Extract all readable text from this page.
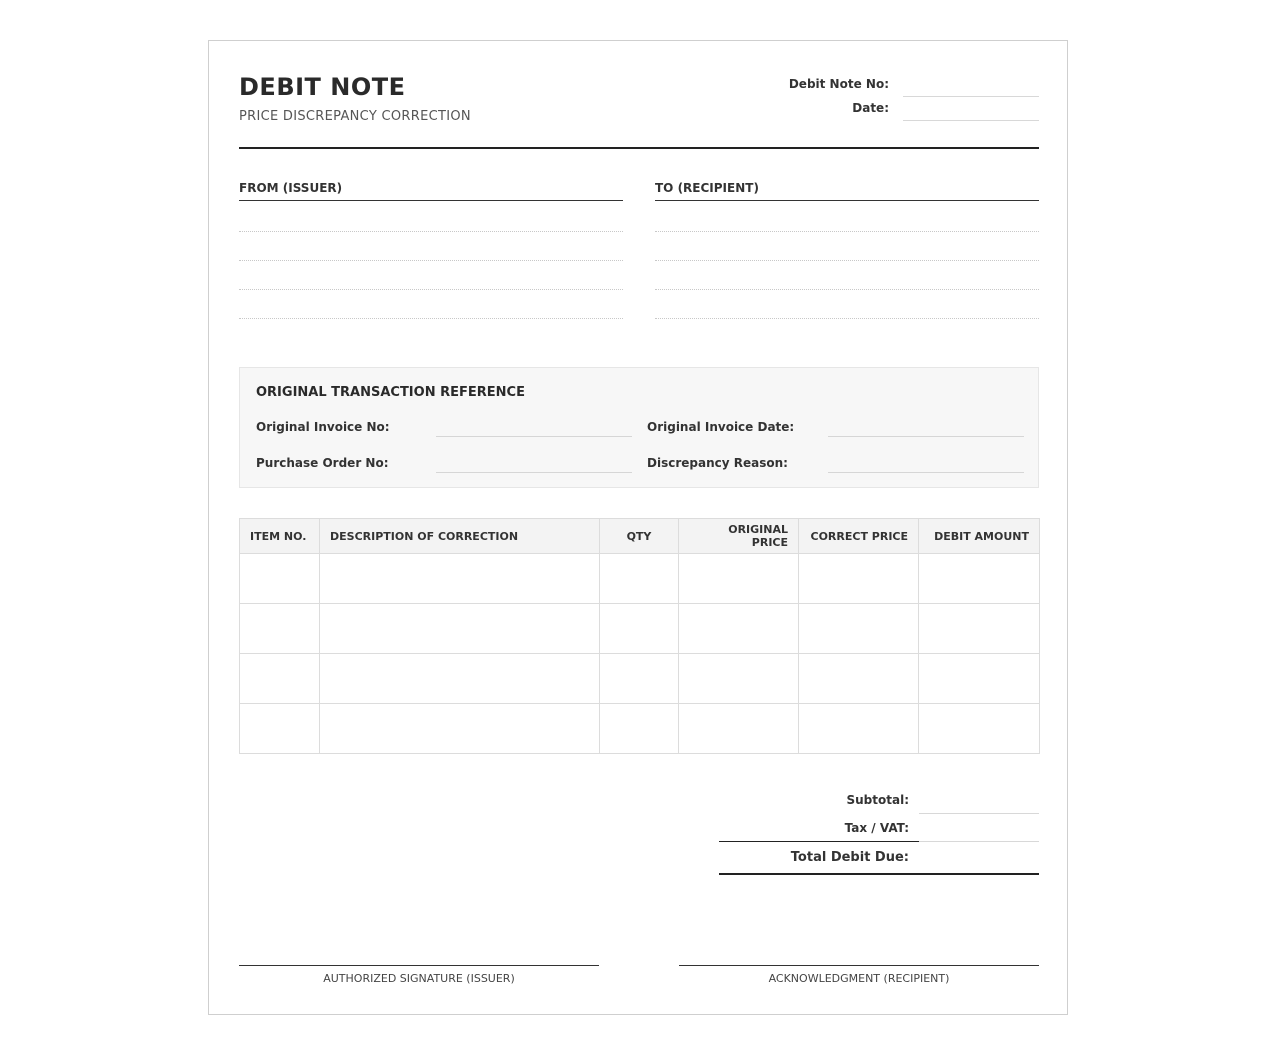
DEBIT NOTE
PRICE DISCREPANCY CORRECTION
Debit Note No:
Date:
FROM (ISSUER)	TO (RECIPIENT)
ORIGINAL TRANSACTION REFERENCE
Original Invoice No:	Original Invoice Date:
Purchase Order No:	Discrepancy Reason:
ITEM NO.	DESCRIPTION OF CORRECTION	QTY	ORIGINAL PRICE	CORRECT PRICE	DEBIT AMOUNT

Subtotal:
Tax / VAT:
Total Debit Due:
AUTHORIZED SIGNATURE (ISSUER)	ACKNOWLEDGMENT (RECIPIENT)
